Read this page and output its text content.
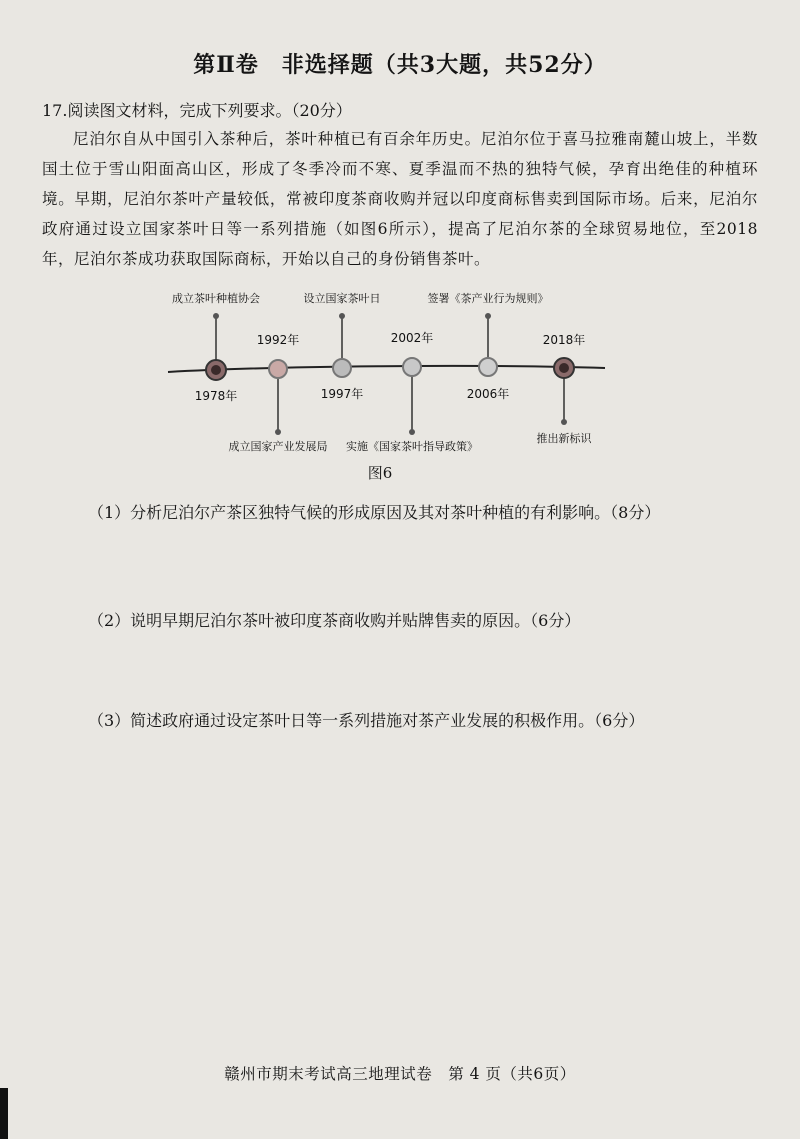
第Ⅱ卷　非选择题（共3大题，共52分）
17.阅读图文材料，完成下列要求。（20分）
尼泊尔自从中国引入茶种后，茶叶种植已有百余年历史。尼泊尔位于喜马拉雅南麓山坡上，半数国土位于雪山阳面高山区，形成了冬季冷而不寒、夏季温而不热的独特气候，孕育出绝佳的种植环境。早期，尼泊尔茶叶产量较低，常被印度茶商收购并冠以印度商标售卖到国际市场。后来，尼泊尔政府通过设立国家茶叶日等一系列措施（如图6所示），提高了尼泊尔茶的全球贸易地位，至2018年，尼泊尔茶成功获取国际商标，开始以自己的身份销售茶叶。
成立茶叶种植协会
1978年
1992年
成立国家产业发展局
设立国家茶叶日
1997年
2002年
实施《国家茶叶指导政策》
签署《茶产业行为规则》
2006年
2018年
推出新标识
图6
（1）分析尼泊尔产茶区独特气候的形成原因及其对茶叶种植的有利影响。（8分）
（2）说明早期尼泊尔茶叶被印度茶商收购并贴牌售卖的原因。（6分）
（3）简述政府通过设定茶叶日等一系列措施对茶产业发展的积极作用。（6分）
赣州市期末考试高三地理试卷　第 4 页（共6页）
